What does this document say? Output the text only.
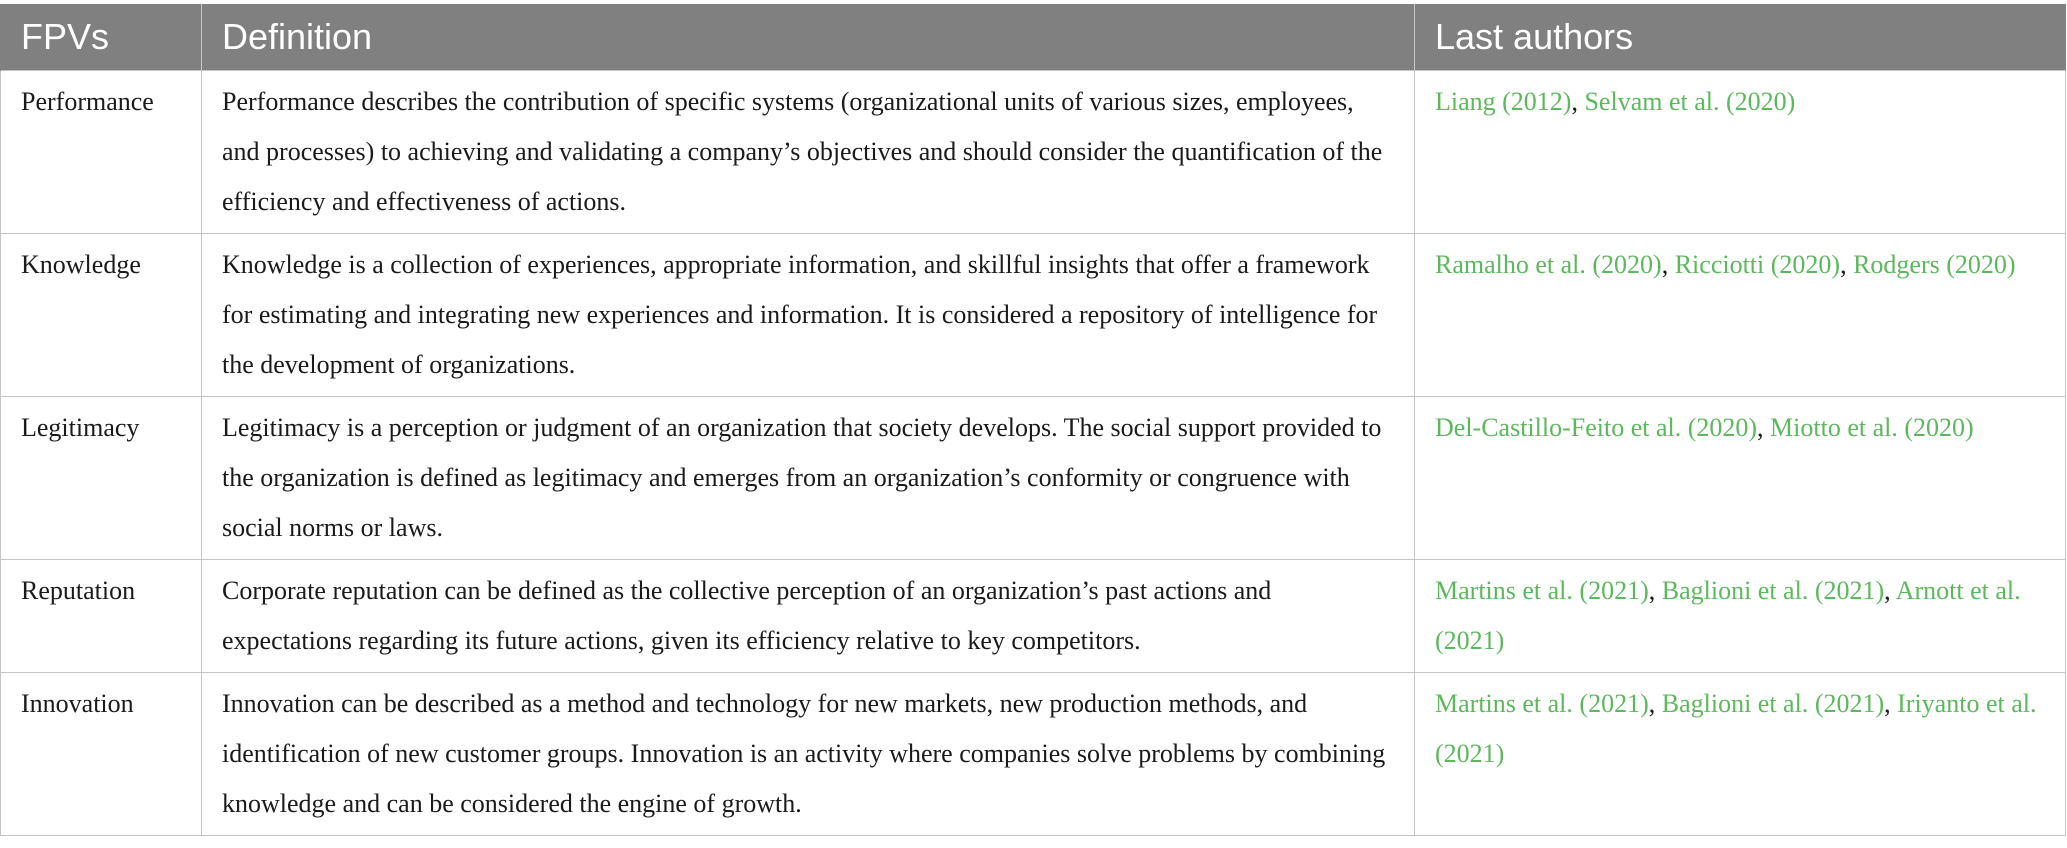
FPVs	Definition	Last authors
Performance	Performance describes the contribution of specific systems (organizational units of various sizes, employees, and processes) to achieving and validating a company’s objectives and should consider the quantification of the efficiency and effectiveness of actions.	Liang (2012), Selvam et al. (2020)
Knowledge	Knowledge is a collection of experiences, appropriate information, and skillful insights that offer a framework for estimating and integrating new experiences and information. It is considered a repository of intelligence for the development of organizations.	Ramalho et al. (2020), Ricciotti (2020), Rodgers (2020)
Legitimacy	Legitimacy is a perception or judgment of an organization that society develops. The social support provided to the organization is defined as legitimacy and emerges from an organization’s conformity or congruence with social norms or laws.	Del-Castillo-Feito et al. (2020), Miotto et al. (2020)
Reputation	Corporate reputation can be defined as the collective perception of an organization’s past actions and expectations regarding its future actions, given its efficiency relative to key competitors.	Martins et al. (2021), Baglioni et al. (2021), Arnott et al. (2021)
Innovation	Innovation can be described as a method and technology for new markets, new production methods, and identification of new customer groups. Innovation is an activity where companies solve problems by combining knowledge and can be considered the engine of growth.	Martins et al. (2021), Baglioni et al. (2021), Iriyanto et al. (2021)
